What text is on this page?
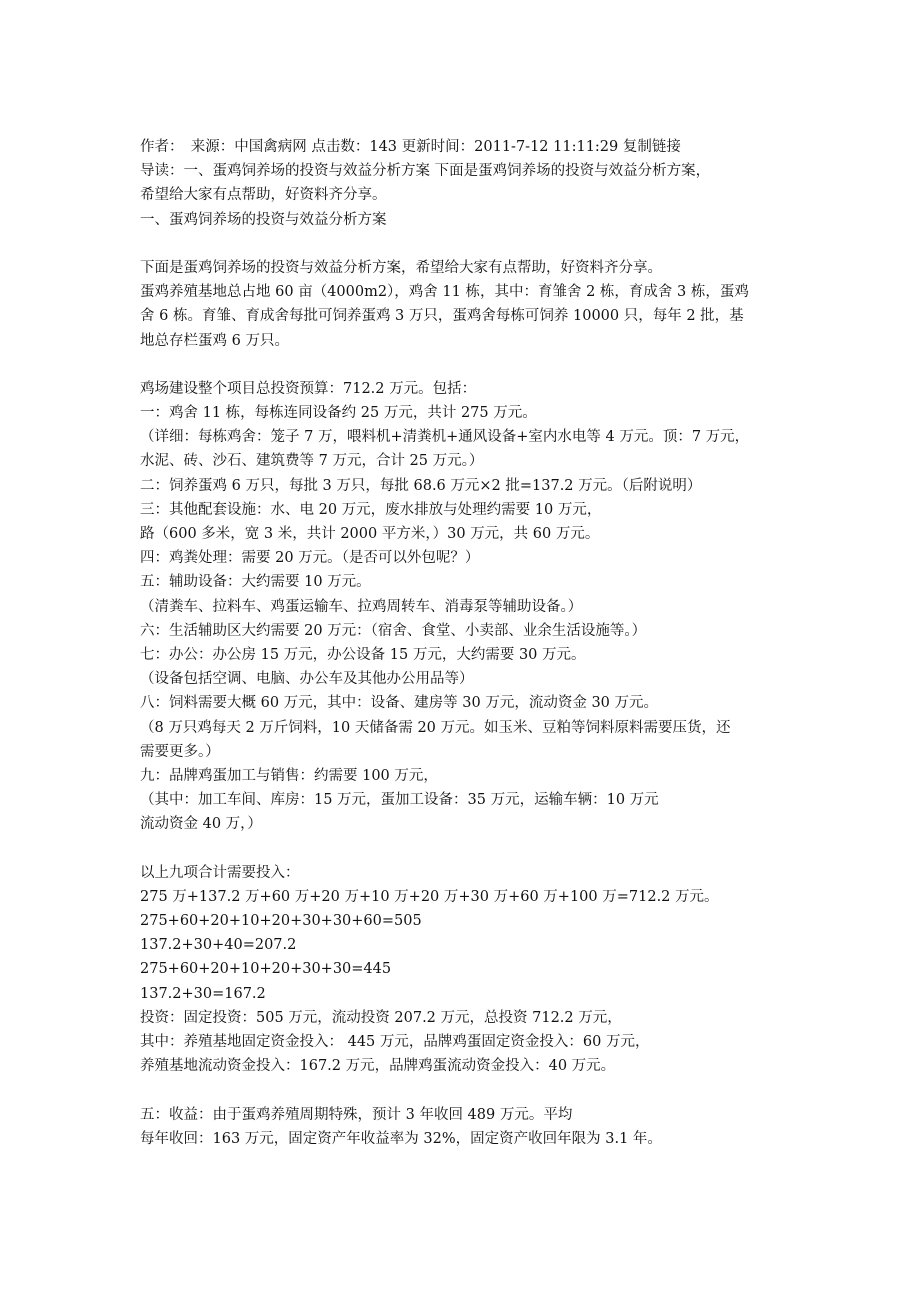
作者：　来源：中国禽病网 点击数：143 更新时间：2011-7-12 11:11:29 复制链接
导读：一、蛋鸡饲养场的投资与效益分析方案 下面是蛋鸡饲养场的投资与效益分析方案，
希望给大家有点帮助，好资料齐分享。
一、蛋鸡饲养场的投资与效益分析方案
下面是蛋鸡饲养场的投资与效益分析方案，希望给大家有点帮助，好资料齐分享。
蛋鸡养殖基地总占地 60 亩（4000m2），鸡舍 11 栋，其中：育雏舍 2 栋，育成舍 3 栋，蛋鸡
舍 6 栋。育雏、育成舍每批可饲养蛋鸡 3 万只，蛋鸡舍每栋可饲养 10000 只，每年 2 批，基
地总存栏蛋鸡 6 万只。
鸡场建设整个项目总投资预算：712.2 万元。包括：
一：鸡舍 11 栋，每栋连同设备约 25 万元，共计 275 万元。
（详细：每栋鸡舍：笼子 7 万，喂料机+清粪机+通风设备+室内水电等 4 万元。顶：7 万元，
水泥、砖、沙石、建筑费等 7 万元，合计 25 万元。）
二：饲养蛋鸡 6 万只，每批 3 万只，每批 68.6 万元×2 批=137.2 万元。（后附说明）
三：其他配套设施：水、电 20 万元，废水排放与处理约需要 10 万元，
路（600 多米，宽 3 米，共计 2000 平方米，）30 万元，共 60 万元。
四：鸡粪处理：需要 20 万元。（是否可以外包呢？）
五：辅助设备：大约需要 10 万元。
（清粪车、拉料车、鸡蛋运输车、拉鸡周转车、消毒泵等辅助设备。）
六：生活辅助区大约需要 20 万元：（宿舍、食堂、小卖部、业余生活设施等。）
七：办公：办公房 15 万元，办公设备 15 万元，大约需要 30 万元。
（设备包括空调、电脑、办公车及其他办公用品等）
八：饲料需要大概 60 万元，其中：设备、建房等 30 万元，流动资金 30 万元。
（8 万只鸡每天 2 万斤饲料，10 天储备需 20 万元。如玉米、豆粕等饲料原料需要压货，还
需要更多。）
九：品牌鸡蛋加工与销售：约需要 100 万元，
（其中：加工车间、库房：15 万元，蛋加工设备：35 万元，运输车辆：10 万元
流动资金 40 万，）
以上九项合计需要投入：
275 万+137.2 万+60 万+20 万+10 万+20 万+30 万+60 万+100 万=712.2 万元。
275+60+20+10+20+30+30+60=505
137.2+30+40=207.2
275+60+20+10+20+30+30=445
137.2+30=167.2
投资：固定投资：505 万元，流动投资 207.2 万元，总投资 712.2 万元，
其中：养殖基地固定资金投入： 445 万元，品牌鸡蛋固定资金投入：60 万元，
养殖基地流动资金投入：167.2 万元，品牌鸡蛋流动资金投入：40 万元。
五：收益：由于蛋鸡养殖周期特殊，预计 3 年收回 489 万元。平均
每年收回：163 万元，固定资产年收益率为 32%，固定资产收回年限为 3.1 年。
